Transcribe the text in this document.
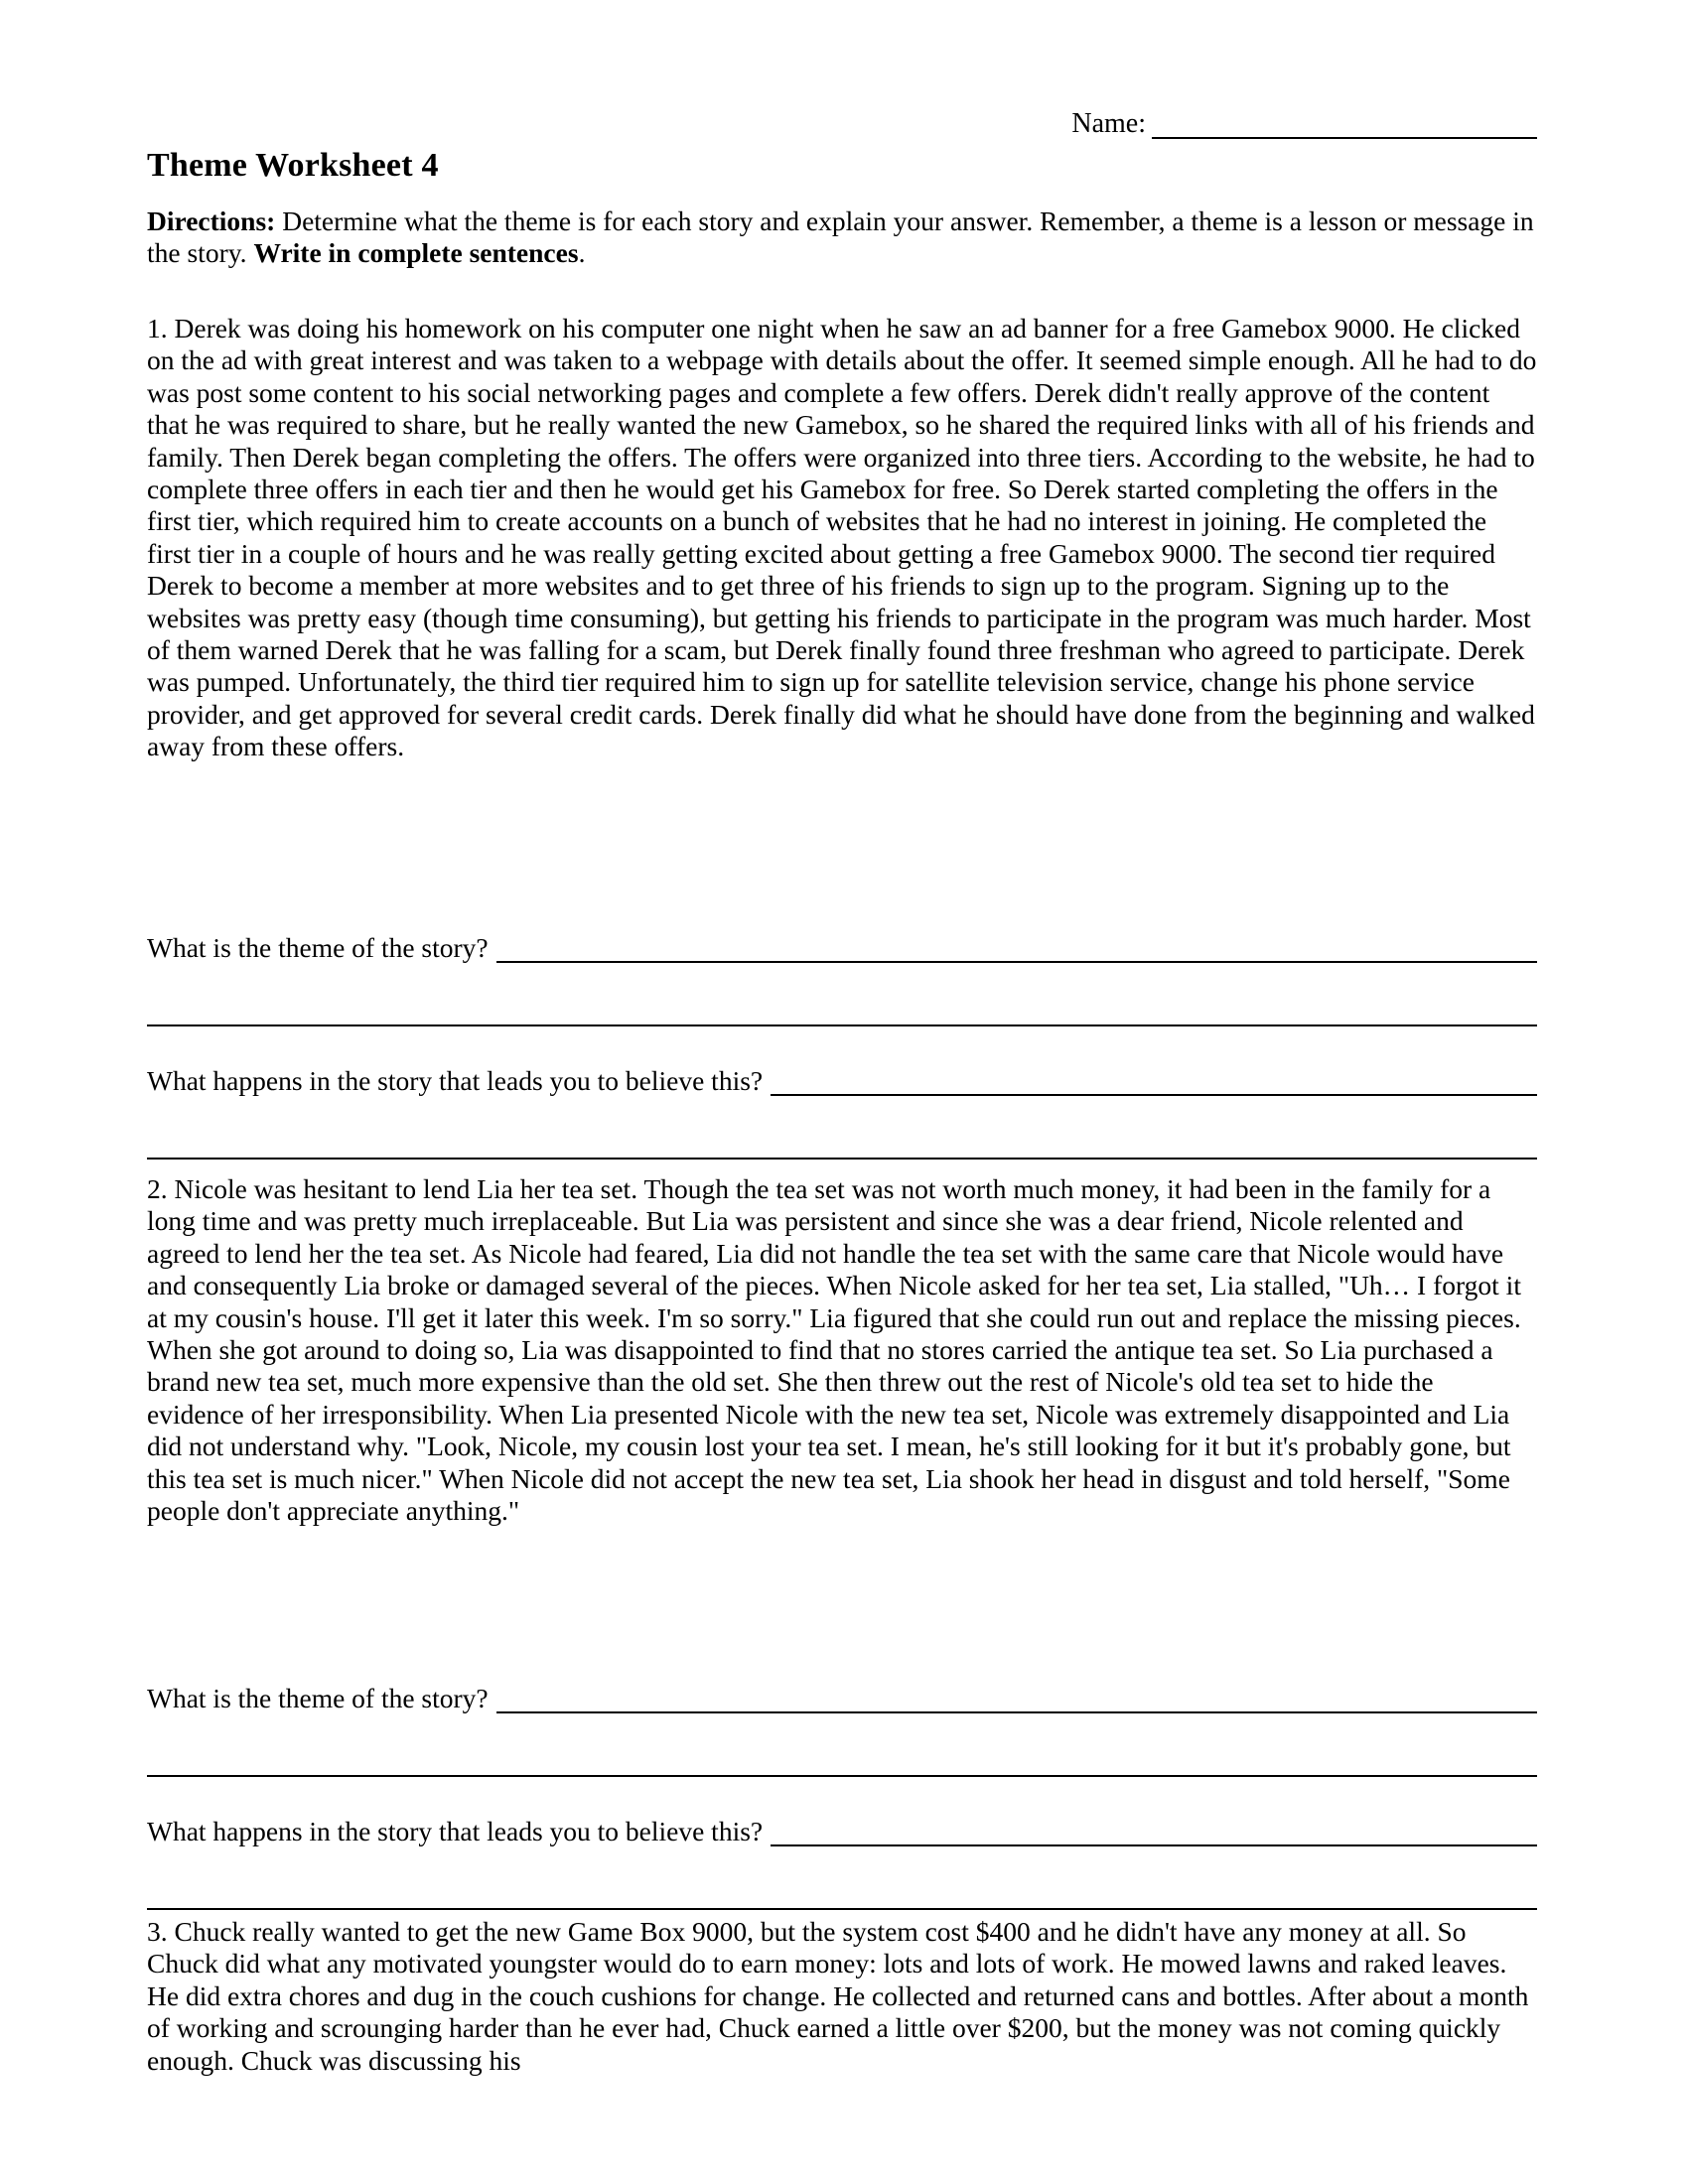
Name:
Theme Worksheet 4
Directions: Determine what the theme is for each story and explain your answer. Remember, a theme is a lesson or message in the story. Write in complete sentences.
1. Derek was doing his homework on his computer one night when he saw an ad banner for a free Gamebox 9000. He clicked on the ad with great interest and was taken to a webpage with details about the offer. It seemed simple enough. All he had to do was post some content to his social networking pages and complete a few offers. Derek didn't really approve of the content that he was required to share, but he really wanted the new Gamebox, so he shared the required links with all of his friends and family. Then Derek began completing the offers. The offers were organized into three tiers. According to the website, he had to complete three offers in each tier and then he would get his Gamebox for free. So Derek started completing the offers in the first tier, which required him to create accounts on a bunch of websites that he had no interest in joining. He completed the first tier in a couple of hours and he was really getting excited about getting a free Gamebox 9000. The second tier required Derek to become a member at more websites and to get three of his friends to sign up to the program. Signing up to the websites was pretty easy (though time consuming), but getting his friends to participate in the program was much harder. Most of them warned Derek that he was falling for a scam, but Derek finally found three freshman who agreed to participate. Derek was pumped. Unfortunately, the third tier required him to sign up for satellite television service, change his phone service provider, and get approved for several credit cards. Derek finally did what he should have done from the beginning and walked away from these offers.
What is the theme of the story?
What happens in the story that leads you to believe this?
2. Nicole was hesitant to lend Lia her tea set. Though the tea set was not worth much money, it had been in the family for a long time and was pretty much irreplaceable. But Lia was persistent and since she was a dear friend, Nicole relented and agreed to lend her the tea set. As Nicole had feared, Lia did not handle the tea set with the same care that Nicole would have and consequently Lia broke or damaged several of the pieces. When Nicole asked for her tea set, Lia stalled, "Uh… I forgot it at my cousin's house. I'll get it later this week. I'm so sorry." Lia figured that she could run out and replace the missing pieces. When she got around to doing so, Lia was disappointed to find that no stores carried the antique tea set. So Lia purchased a brand new tea set, much more expensive than the old set. She then threw out the rest of Nicole's old tea set to hide the evidence of her irresponsibility. When Lia presented Nicole with the new tea set, Nicole was extremely disappointed and Lia did not understand why. "Look, Nicole, my cousin lost your tea set. I mean, he's still looking for it but it's probably gone, but this tea set is much nicer." When Nicole did not accept the new tea set, Lia shook her head in disgust and told herself, "Some people don't appreciate anything."
What is the theme of the story?
What happens in the story that leads you to believe this?
3. Chuck really wanted to get the new Game Box 9000, but the system cost $400 and he didn't have any money at all. So Chuck did what any motivated youngster would do to earn money: lots and lots of work. He mowed lawns and raked leaves. He did extra chores and dug in the couch cushions for change. He collected and returned cans and bottles. After about a month of working and scrounging harder than he ever had, Chuck earned a little over $200, but the money was not coming quickly enough. Chuck was discussing his
